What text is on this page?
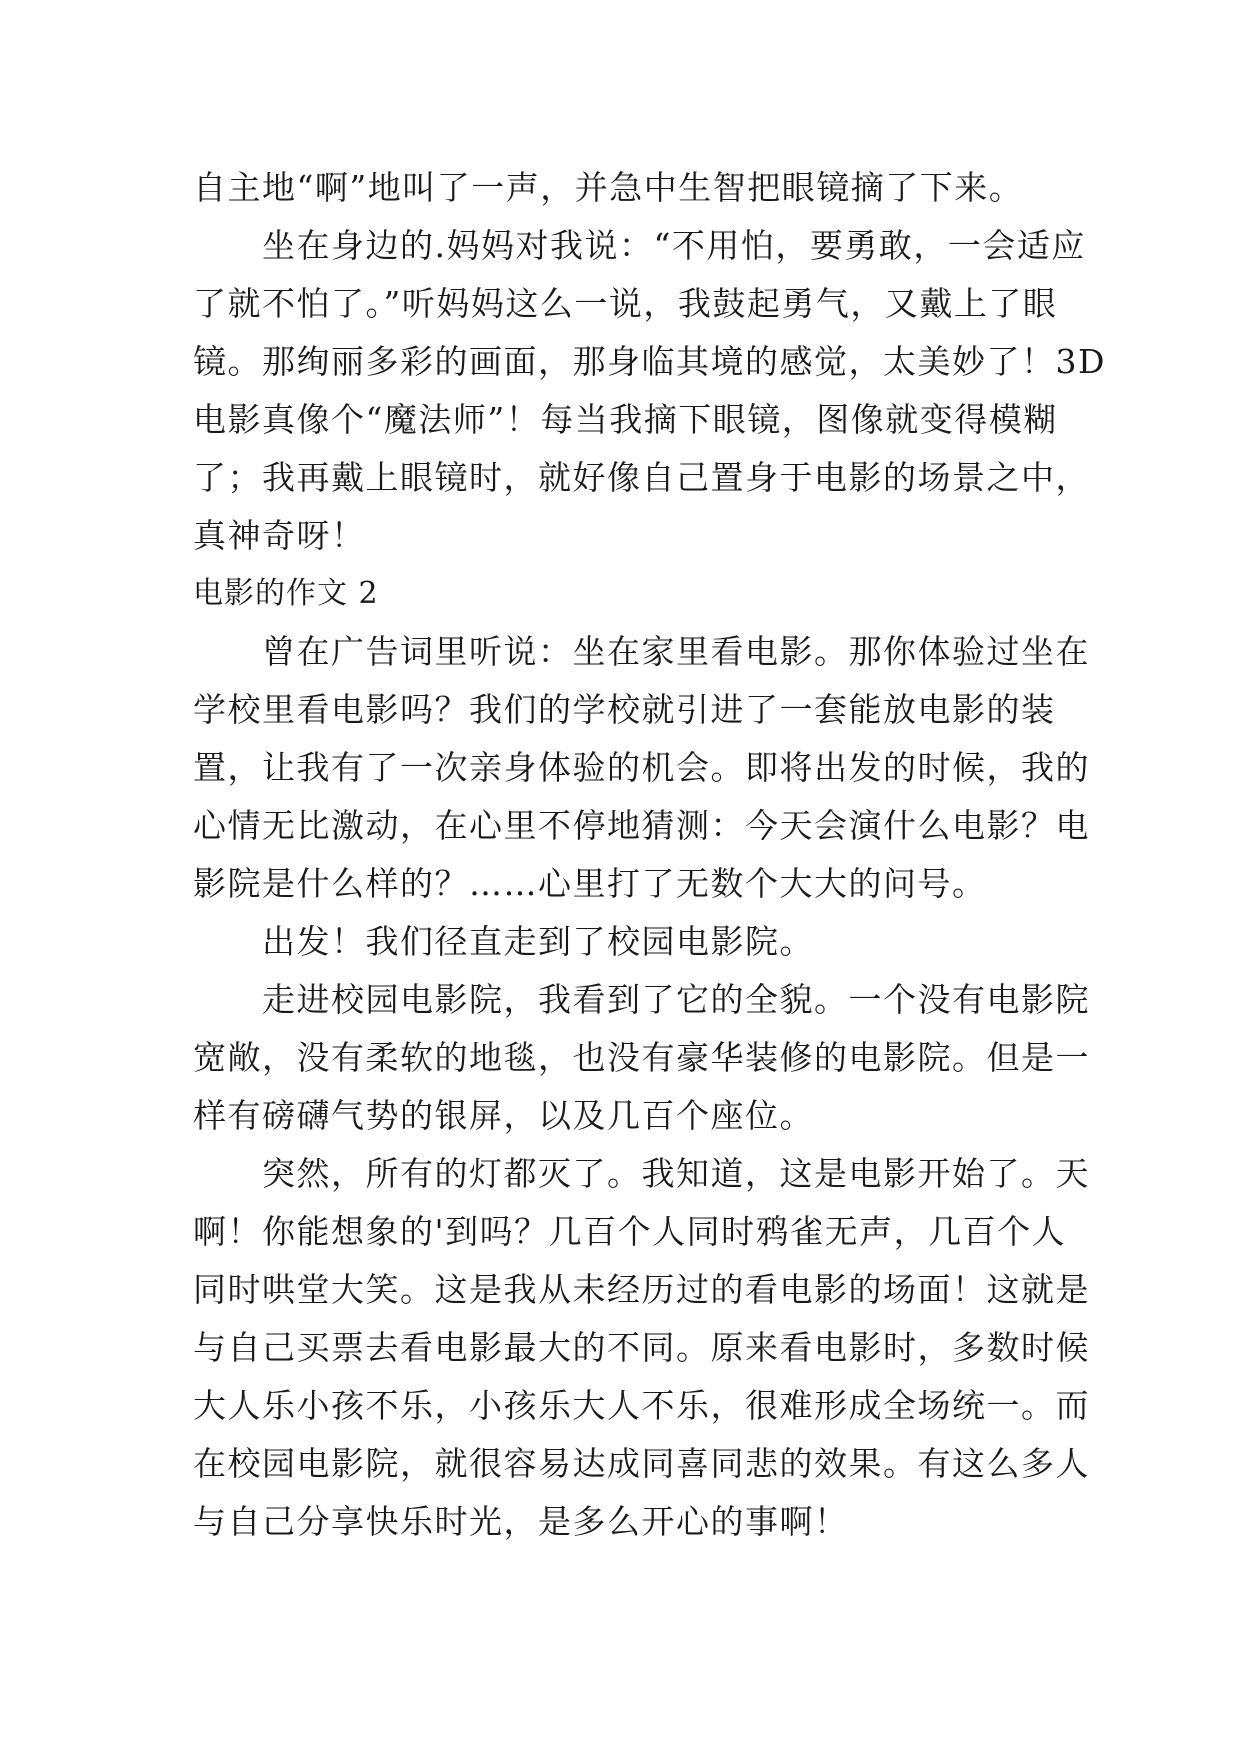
自主地“啊”地叫了一声，并急中生智把眼镜摘了下来。
　　坐在身边的.妈妈对我说：“不用怕，要勇敢，一会适应
了就不怕了。”听妈妈这么一说，我鼓起勇气，又戴上了眼
镜。那绚丽多彩的画面，那身临其境的感觉，太美妙了！3D
电影真像个“魔法师”！每当我摘下眼镜，图像就变得模糊
了；我再戴上眼镜时，就好像自己置身于电影的场景之中，
真神奇呀！
电影的作文 2
　　曾在广告词里听说：坐在家里看电影。那你体验过坐在
学校里看电影吗？我们的学校就引进了一套能放电影的装
置，让我有了一次亲身体验的机会。即将出发的时候，我的
心情无比激动，在心里不停地猜测：今天会演什么电影？电
影院是什么样的？……心里打了无数个大大的问号。
　　出发！我们径直走到了校园电影院。
　　走进校园电影院，我看到了它的全貌。一个没有电影院
宽敞，没有柔软的地毯，也没有豪华装修的电影院。但是一
样有磅礴气势的银屏，以及几百个座位。
　　突然，所有的灯都灭了。我知道，这是电影开始了。天
啊！你能想象的'到吗？几百个人同时鸦雀无声，几百个人
同时哄堂大笑。这是我从未经历过的看电影的场面！这就是
与自己买票去看电影最大的不同。原来看电影时，多数时候
大人乐小孩不乐，小孩乐大人不乐，很难形成全场统一。而
在校园电影院，就很容易达成同喜同悲的效果。有这么多人
与自己分享快乐时光，是多么开心的事啊！
